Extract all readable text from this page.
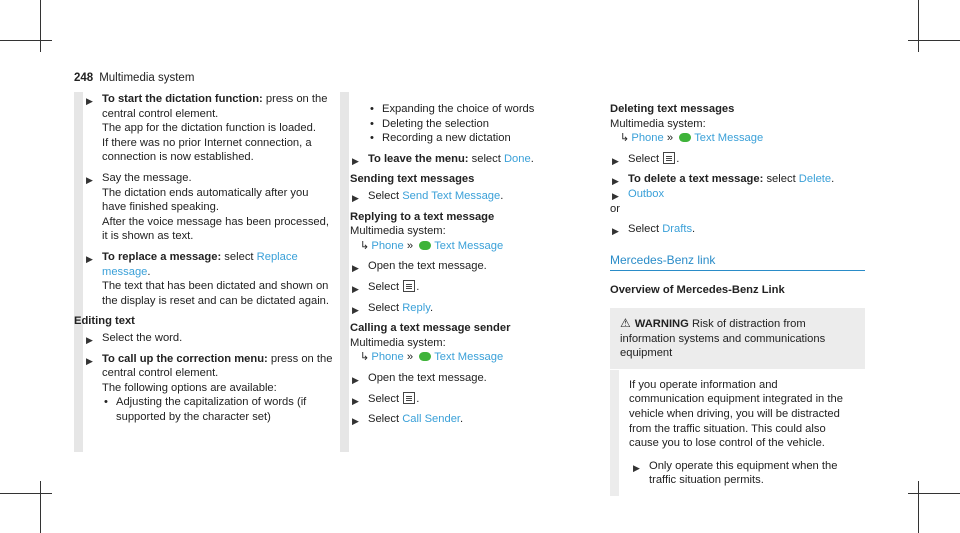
248 Multimedia system
▶ To start the dictation function: press on the central control element.
The app for the dictation function is loaded.
If there was no prior Internet connection, a connection is now established.
▶ Say the message.
The dictation ends automatically after you have finished speaking.
After the voice message has been processed, it is shown as text.
▶ To replace a message: select Replace message.
The text that has been dictated and shown on the display is reset and can be dictated again.
Editing text
▶ Select the word.
▶ To call up the correction menu: press on the central control element.
The following options are available:
• Adjusting the capitalization of words (if supported by the character set)
• Expanding the choice of words
• Deleting the selection
• Recording a new dictation
▶ To leave the menu: select Done.
Sending text messages
▶ Select Send Text Message.
Replying to a text message
Multimedia system:
↳ Phone » Text Message
▶ Open the text message.
▶ Select .
▶ Select Reply.
Calling a text message sender
Multimedia system:
↳ Phone » Text Message
▶ Open the text message.
▶ Select .
▶ Select Call Sender.
Deleting text messages
Multimedia system:
↳ Phone » Text Message
▶ Select .
▶ To delete a text message: select Delete.
▶ Outbox
or
▶ Select Drafts.
Mercedes-Benz link
Overview of Mercedes-Benz Link
⚠ WARNING Risk of distraction from information systems and communications equipment
If you operate information and communication equipment integrated in the vehicle when driving, you will be distracted from the traffic situation. This could also cause you to lose control of the vehicle.
▶ Only operate this equipment when the traffic situation permits.
